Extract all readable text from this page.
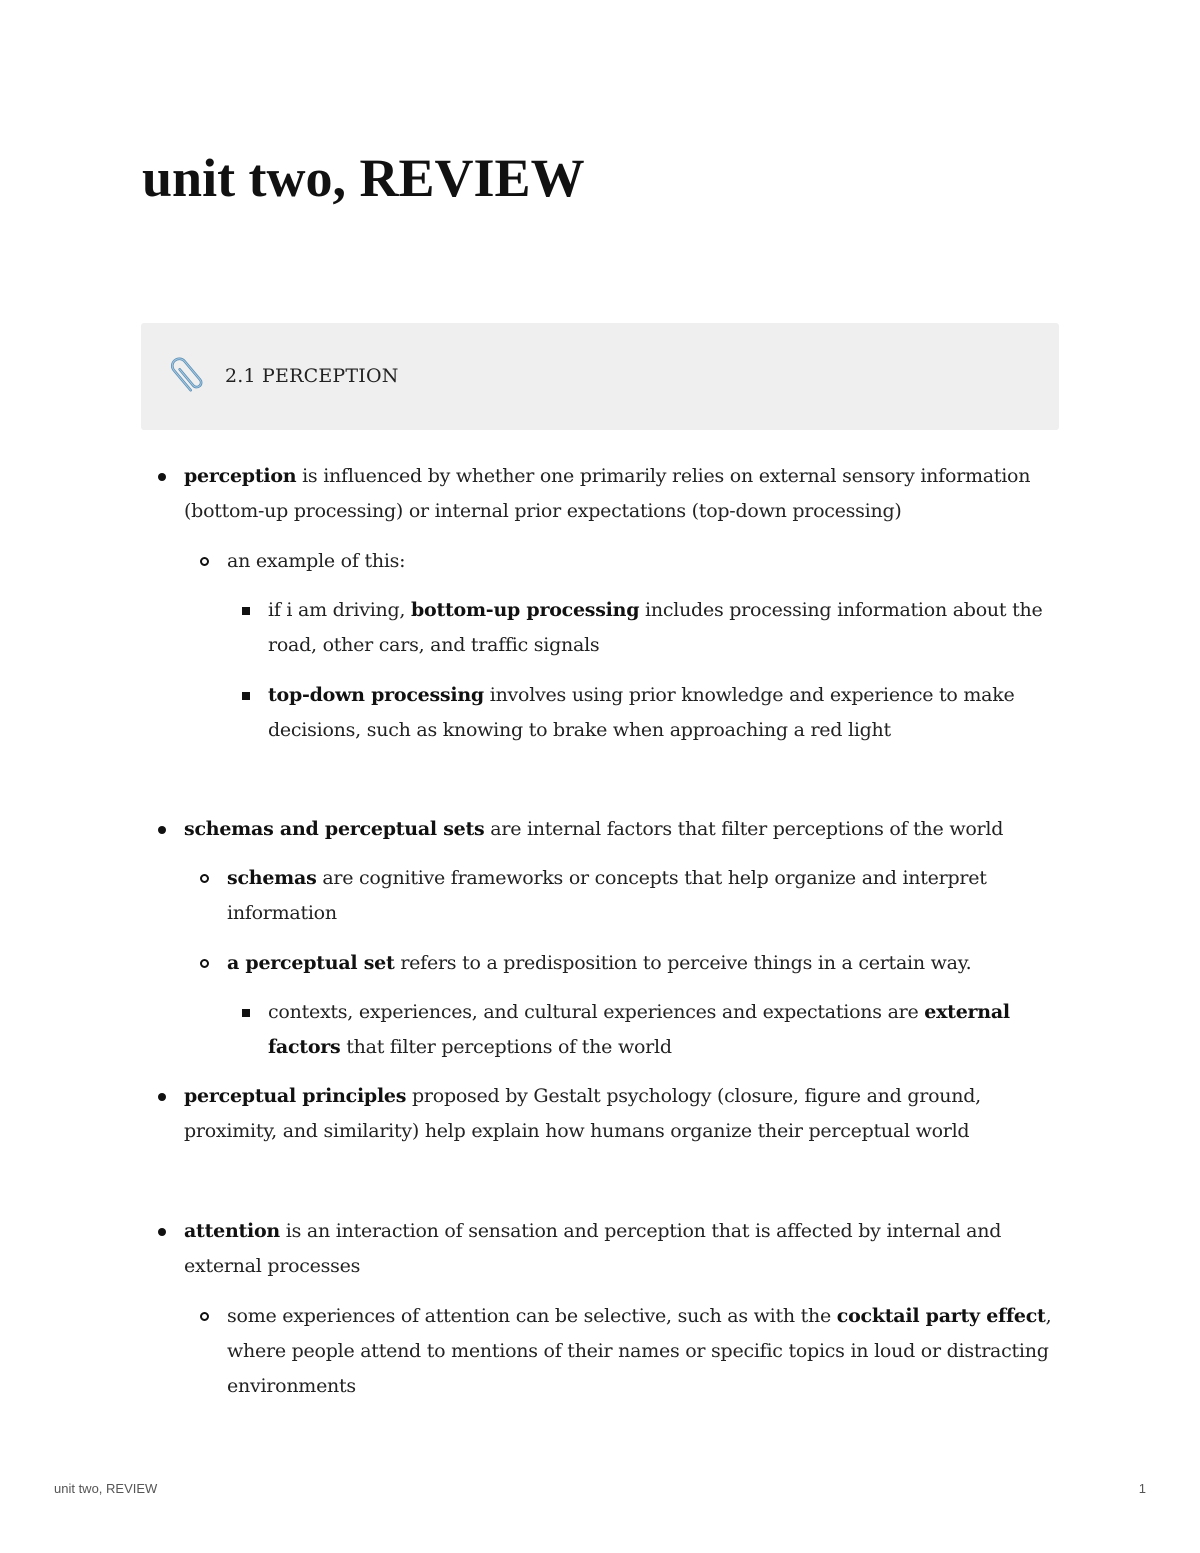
unit two, REVIEW
2.1 PERCEPTION
perception is influenced by whether one primarily relies on external sensory information (bottom-up processing) or internal prior expectations (top-down processing)
an example of this:
if i am driving, bottom-up processing includes processing information about the road, other cars, and traffic signals
top-down processing involves using prior knowledge and experience to make decisions, such as knowing to brake when approaching a red light
schemas and perceptual sets are internal factors that filter perceptions of the world
schemas are cognitive frameworks or concepts that help organize and interpret information
a perceptual set refers to a predisposition to perceive things in a certain way.
contexts, experiences, and cultural experiences and expectations are external factors that filter perceptions of the world
perceptual principles proposed by Gestalt psychology (closure, figure and ground, proximity, and similarity) help explain how humans organize their perceptual world
attention is an interaction of sensation and perception that is affected by internal and external processes
some experiences of attention can be selective, such as with the cocktail party effect, where people attend to mentions of their names or specific topics in loud or distracting environments
unit two, REVIEW	1
